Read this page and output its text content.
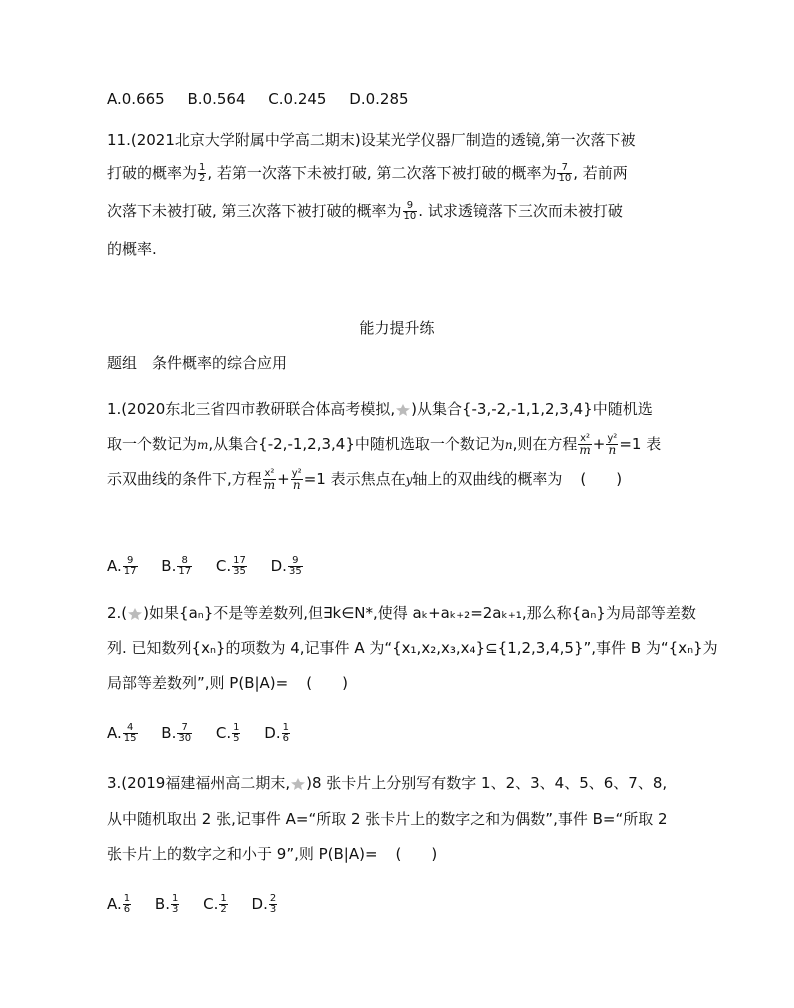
A.0.665 B.0.564 C.0.245 D.0.285
11.(2021北京大学附属中学高二期末)设某光学仪器厂制造的透镜,第一次落下被
打破的概率为 $\frac{1}{2}$ , 若第一次落下未被打破, 第二次落下被打破的概率为 $\frac{7}{10}$ , 若前两
次落下未被打破, 第三次落下被打破的概率为 $\frac{9}{10}$ . 试求透镜落下三次而未被打破
的概率.
能力提升练
题组　条件概率的综合应用
1.(2020东北三省四市教研联合体高考模拟, )从集合{-3,-2,-1,1,2,3,4}中随机选
取一个数记为m,从集合{-2,-1,2,3,4}中随机选取一个数记为n,则在方程 $\frac{\text{x²}}{m} + \frac{\text{y²}}{n} =1$ 表
示双曲线的条件下,方程 $\frac{\text{x²}}{m} + \frac{\text{y²}}{n} =1$ 表示焦点在y轴上的双曲线的概率为 (　　)
A. $\frac{9}{17} B$. $\frac{8}{17} C$. $\frac{17}{35} D$. $\frac{9}{35}$
2.( )如果{aₙ}不是等差数列,但∃k∈N*,使得 aₖ+aₖ₊₂=2aₖ₊₁,那么称{aₙ}为局部等差数
列. 已知数列{xₙ}的项数为 4,记事件 A 为“{x₁,x₂,x₃,x₄}⊆{1,2,3,4,5}”,事件 B 为“{xₙ}为
局部等差数列”,则 P(B|A)= (　　)
A. $\frac{4}{15} B$. $\frac{7}{30} C$. $\frac{1}{5} D$. $\frac{1}{6}$
3.(2019福建福州高二期末, )8 张卡片上分别写有数字 1、2、3、4、5、6、7、8,
从中随机取出 2 张,记事件 A=“所取 2 张卡片上的数字之和为偶数”,事件 B=“所取 2
张卡片上的数字之和小于 9”,则 P(B|A)= (　　)
A. $\frac{1}{6} B$. $\frac{1}{3} C$. $\frac{1}{2} D$. $\frac{2}{3}$
